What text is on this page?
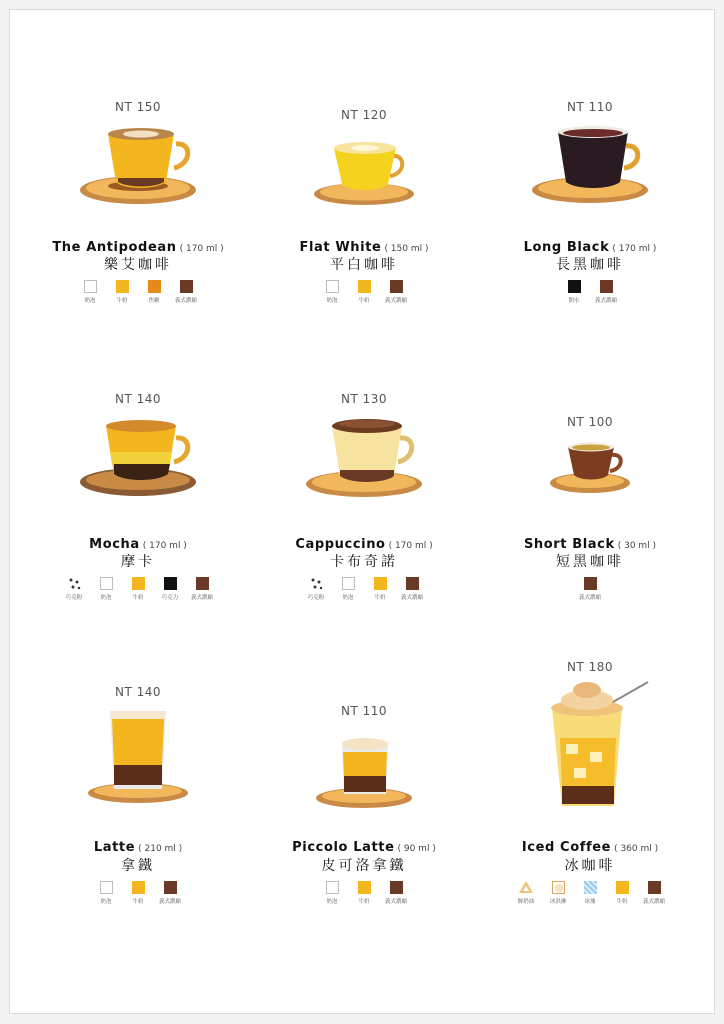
NT 150
The Antipodean ( 170 ml )
樂艾咖啡
奶泡	牛奶	焦糖	義式濃縮
NT 120
Flat White ( 150 ml )
平白咖啡
奶泡	牛奶	義式濃縮
NT 110
Long Black ( 170 ml )
長黑咖啡
開水	義式濃縮
NT 140
Mocha ( 170 ml )
摩卡
巧克粉	奶泡	牛奶	巧克力 義式濃縮
NT 130
Cappuccino ( 170 ml )
卡布奇諾
巧克粉	奶泡	牛奶	義式濃縮
NT 100
Short Black ( 30 ml )
短黑咖啡
義式濃縮
NT 140
Latte ( 210 ml )
拿鐵
奶泡	牛奶	義式濃縮
NT 110
Piccolo Latte ( 90 ml )
皮可洛拿鐵
奶泡	牛奶	義式濃縮
NT 180
Iced Coffee ( 360 ml )
冰咖啡
鮮奶油	冰淇淋	冰塊	牛奶	義式濃縮
